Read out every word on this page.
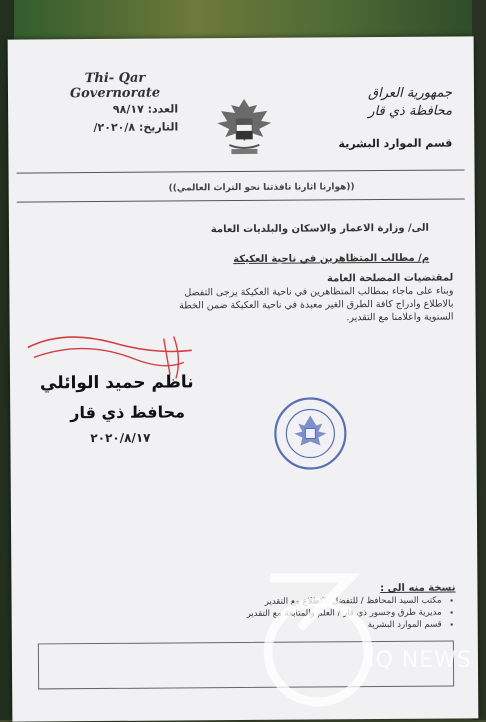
Thi- Qar
Governorate
العدد: ٩٨/١٧
التاريخ: ٢٠٢٠/٨/
جمهورية العراق
محافظة ذي قار
قسم الموارد البشرية
((هوارنا اثارنا نافذتنا نحو التراث العالمي))
الى/ وزارة الاعمار والاسكان والبلديات العامة
م/ مطالب المتظاهرين في ناحية العكيكة
لمقتضيات المصلحة العامة
وبناء على ماجاء بمطالب المتظاهرين في ناحية العكيكة يرجى التفضل
بالاطلاع وادراج كافة الطرق الغير معبدة في ناحية العكيكة ضمن الخطة
السنوية واعلامنا مع التقدير.
ناظم حميد الوائلي
محافظ ذي قار
٢٠٢٠/٨/١٧
نسخة منه الى :
▪ مكتب السيد المحافظ / للتفضل بالاطلاع مع التقدير
▪ مديرية طرق وجسور ذي قار / العلم والمتابعة مع التقدير
▪ قسم الموارد البشرية
IQ NEWS
